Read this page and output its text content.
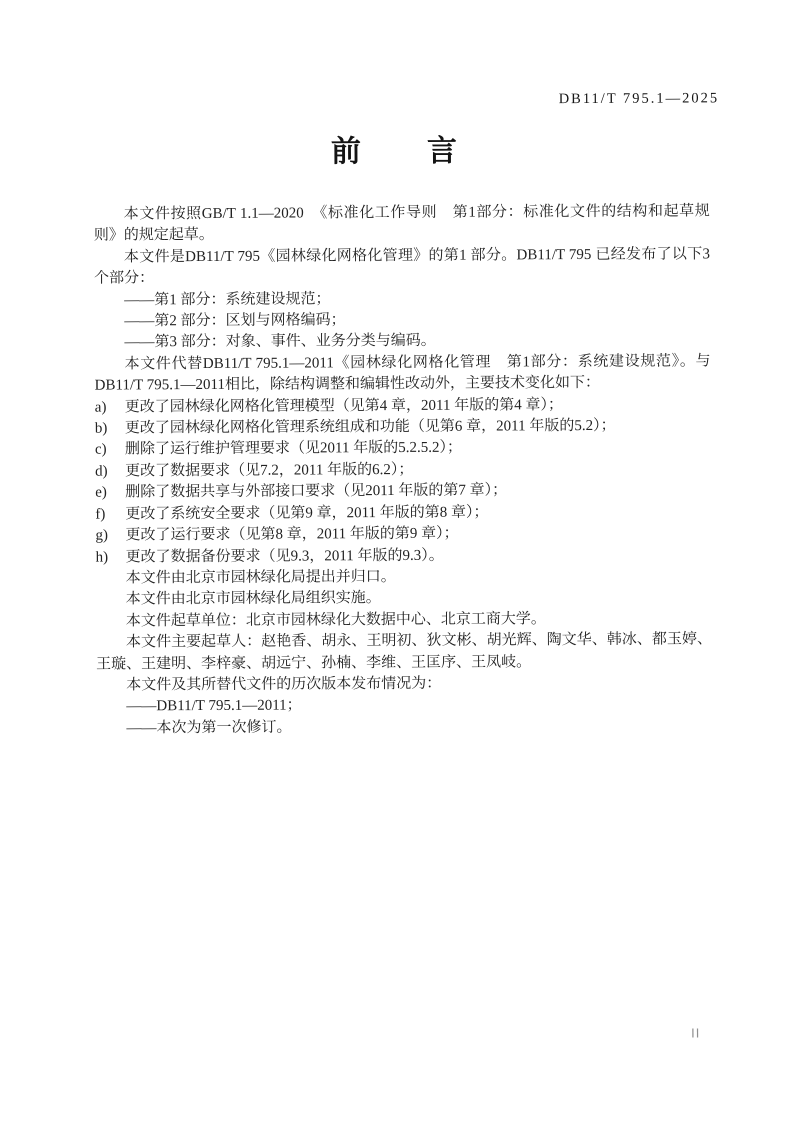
DB11/T 795.1—2025
前　　言

本文件按照GB/T 1.1—2020　《标准化工作导则　第1部分：标准化文件的结构和起草规则》的规定起草。

本文件是DB11/T 795《园林绿化网格化管理》的第1 部分。DB11/T 795 已经发布了以下3 个部分：

——第1 部分：系统建设规范；

——第2 部分：区划与网格编码；

——第3 部分：对象、事件、业务分类与编码。

本文件代替DB11/T 795.1—2011《园林绿化网格化管理　第1部分：系统建设规范》。与DB11/T 795.1—2011相比，除结构调整和编辑性改动外，主要技术变化如下：

a) 更改了园林绿化网格化管理模型（见第4 章，2011 年版的第4 章）；

b) 更改了园林绿化网格化管理系统组成和功能（见第6 章，2011 年版的5.2）；

c) 删除了运行维护管理要求（见2011 年版的5.2.5.2）；

d) 更改了数据要求（见7.2，2011 年版的6.2）；

e) 删除了数据共享与外部接口要求（见2011 年版的第7 章）；

f) 更改了系统安全要求（见第9 章，2011 年版的第8 章）；

g) 更改了运行要求（见第8 章，2011 年版的第9 章）；

h) 更改了数据备份要求（见9.3，2011 年版的9.3）。

本文件由北京市园林绿化局提出并归口。

本文件由北京市园林绿化局组织实施。

本文件起草单位：北京市园林绿化大数据中心、北京工商大学。

本文件主要起草人：赵艳香、胡永、王明初、狄文彬、胡光辉、陶文华、韩冰、都玉婷、王璇、王建明、李梓豪、胡远宁、孙楠、李维、王匡序、王凤岐。

本文件及其所替代文件的历次版本发布情况为：

——DB11/T 795.1—2011；

——本次为第一次修订。

II
